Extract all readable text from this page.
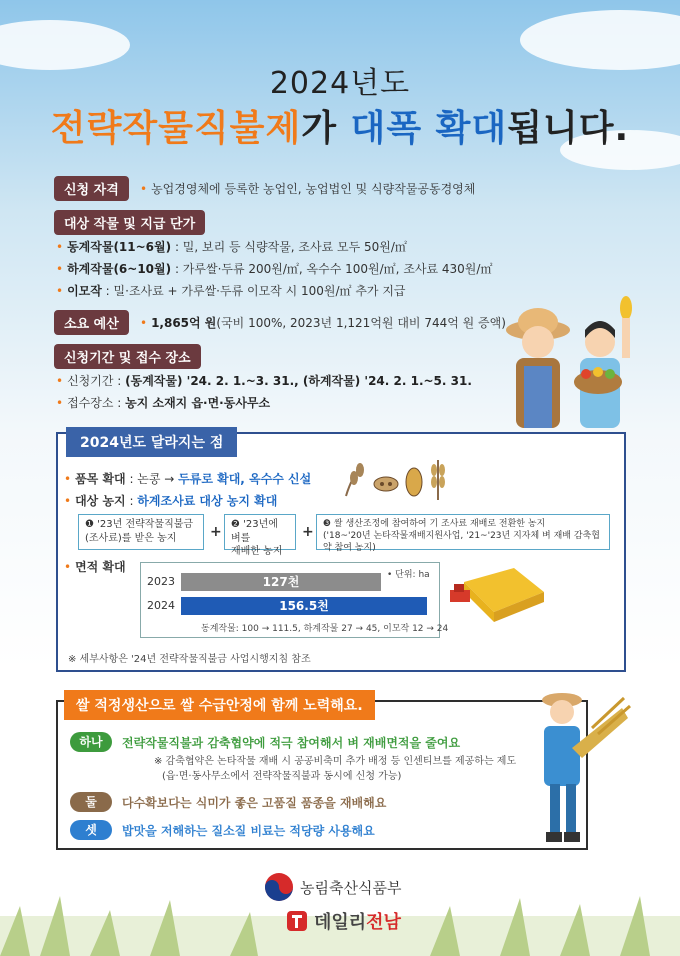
2024년도
전략작물직불제가 대폭 확대됩니다.
신청 자격	• 농업경영체에 등록한 농업인, 농업법인 및 식량작물공동경영체
대상 작물 및 지급 단가
• 동계작물(11~6월) : 밀, 보리 등 식량작물, 조사료 모두 50원/㎡
• 하계작물(6~10월) : 가루쌀·두류 200원/㎡, 옥수수 100원/㎡, 조사료 430원/㎡
• 이모작 : 밀·조사료 + 가루쌀·두류 이모작 시 100원/㎡ 추가 지급
소요 예산	• 1,865억 원(국비 100%, 2023년 1,121억원 대비 744억 원 증액)
신청기간 및 접수 장소
• 신청기간 : (동계작물) '24. 2. 1.~3. 31., (하계작물) '24. 2. 1.~5. 31.
• 접수장소 : 농지 소재지 읍·면·동사무소
• 품목 확대 : 논콩 → 두류로 확대, 옥수수 신설
• 대상 농지 : 하계조사료 대상 농지 확대
❶ '23년 전략작물직불금
(조사료)를 받은 농지	+ ❷ '23년에 벼를
재배한 농지
+	❸ 쌀 생산조정에 참여하여 기 조사료 재배로 전환한 농지
('18~'20년 논타작물재배지원사업, '21~'23년 지자체 벼 재배 감축협약 참여 농지)
• 면적 확대
※ 세부사항은 '24년 전략작물직불금 사업시행지침 참조
2024년도 달라지는 점
• 단위: ha
2023	127천
2024	156.5천
동계작물: 100 → 111.5, 하계작물 27 → 45, 이모작 12 → 24
하나	전략작물직불과 감축협약에 적극 참여해서 벼 재배면적을 줄여요
※ 감축협약은 논타작물 재배 시 공공비축미 추가 배정 등 인센티브를 제공하는 제도
(읍·면·동사무소에서 전략작물직불과 동시에 신청 가능)
둘	다수확보다는 식미가 좋은 고품질 품종을 재배해요
셋	밥맛을 저해하는 질소질 비료는 적당량 사용해요
쌀 적정생산으로 쌀 수급안정에 함께 노력해요.
농림축산식품부
데일리전남
